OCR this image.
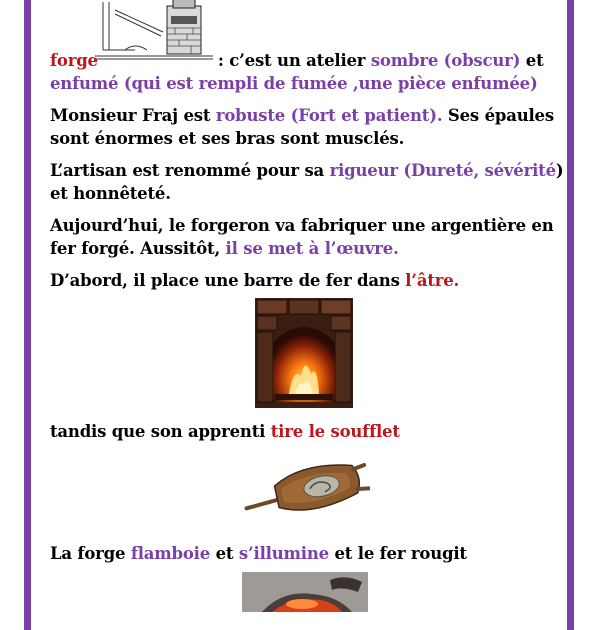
forge	: c’est un atelier sombre (obscur) et
enfumé (qui est rempli de fumée ,une pièce enfumée)
Monsieur Fraj est robuste (Fort et patient). Ses épaules sont énormes et ses bras sont musclés.
L’artisan est renommé pour sa rigueur (Dureté, sévérité) et honnêteté.
Aujourd’hui, le forgeron va fabriquer une argentière en fer forgé. Aussitôt, il se met à l’œuvre.
D’abord, il place une barre de fer dans l’âtre.
tandis que son apprenti tire le soufflet
La forge flamboie et s’illumine et le fer rougit
